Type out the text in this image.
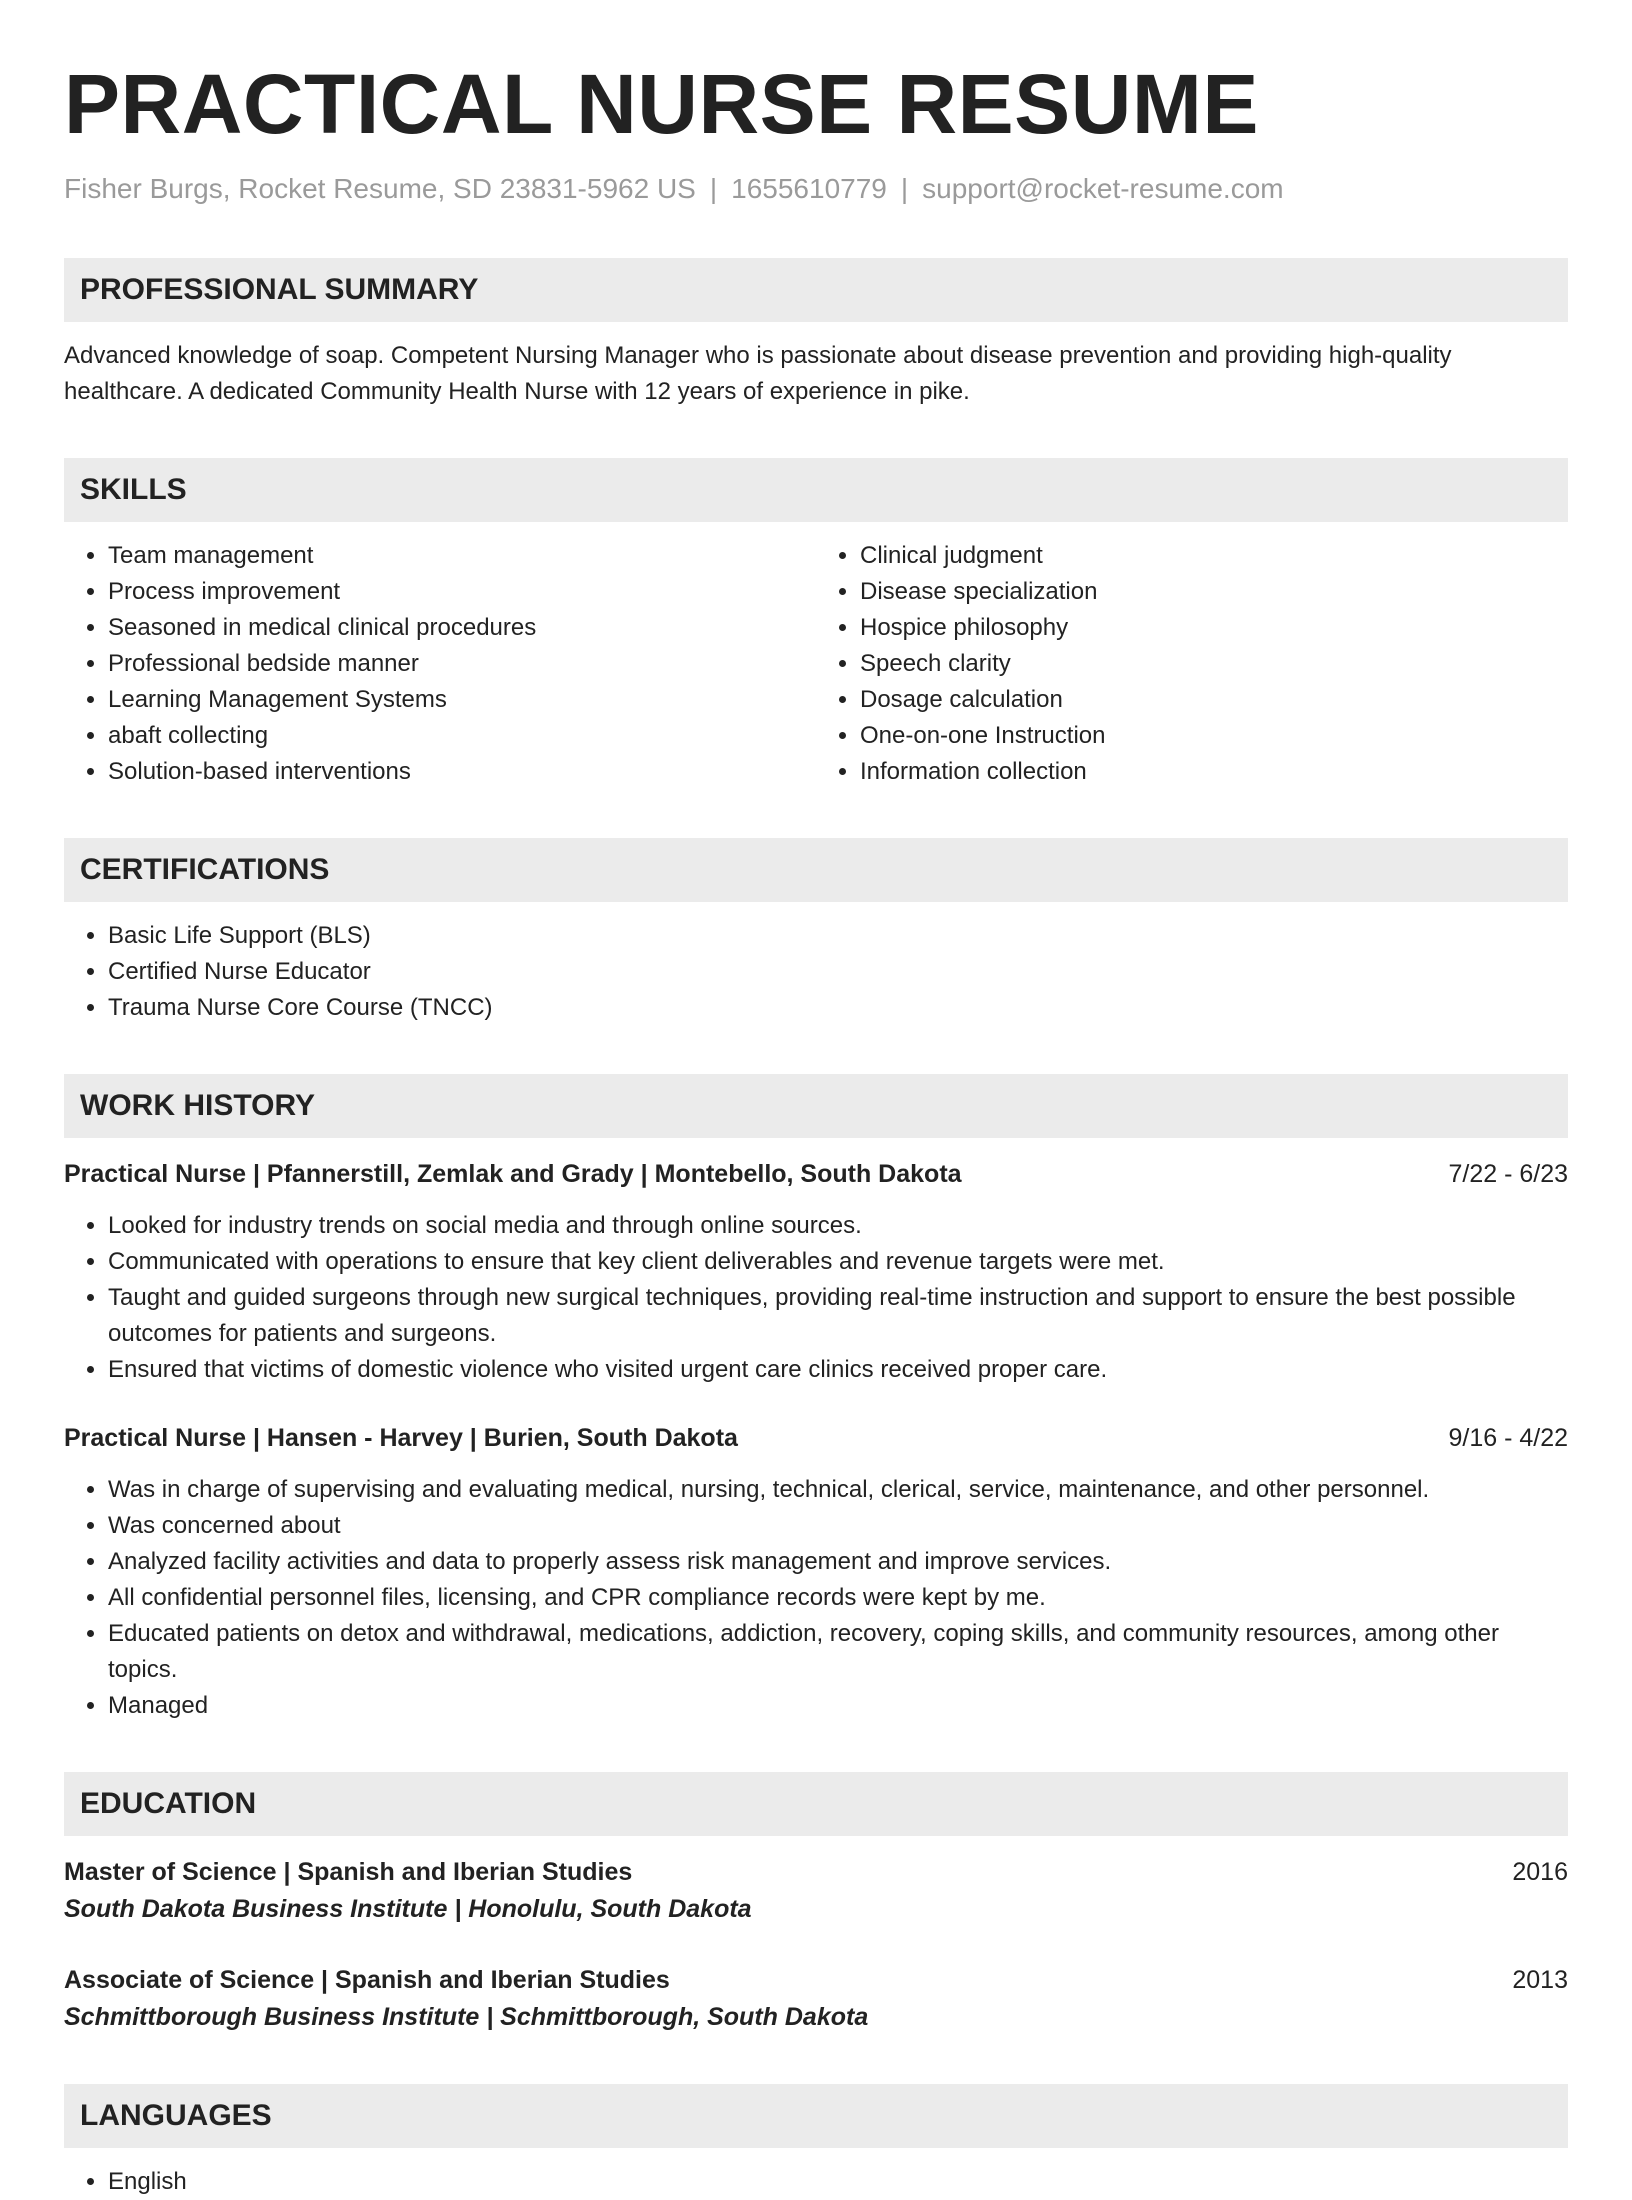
PRACTICAL NURSE RESUME
Fisher Burgs, Rocket Resume, SD 23831-5962 US | 1655610779 | support@rocket-resume.com
PROFESSIONAL SUMMARY
Advanced knowledge of soap. Competent Nursing Manager who is passionate about disease prevention and providing high-quality healthcare. A dedicated Community Health Nurse with 12 years of experience in pike.
SKILLS
• Team management
• Process improvement
• Seasoned in medical clinical procedures
• Professional bedside manner
• Learning Management Systems
• abaft collecting
• Solution-based interventions
• Clinical judgment
• Disease specialization
• Hospice philosophy
• Speech clarity
• Dosage calculation
• One-on-one Instruction
• Information collection
CERTIFICATIONS
• Basic Life Support (BLS)
• Certified Nurse Educator
• Trauma Nurse Core Course (TNCC)
WORK HISTORY
Practical Nurse | Pfannerstill, Zemlak and Grady | Montebello, South Dakota	7/22 - 6/23
• Looked for industry trends on social media and through online sources.
• Communicated with operations to ensure that key client deliverables and revenue targets were met.
• Taught and guided surgeons through new surgical techniques, providing real-time instruction and support to ensure the best possible outcomes for patients and surgeons.
• Ensured that victims of domestic violence who visited urgent care clinics received proper care.
Practical Nurse | Hansen - Harvey | Burien, South Dakota	9/16 - 4/22
• Was in charge of supervising and evaluating medical, nursing, technical, clerical, service, maintenance, and other personnel.
• Was concerned about
• Analyzed facility activities and data to properly assess risk management and improve services.
• All confidential personnel files, licensing, and CPR compliance records were kept by me.
• Educated patients on detox and withdrawal, medications, addiction, recovery, coping skills, and community resources, among other topics.
• Managed
EDUCATION
Master of Science | Spanish and Iberian Studies	2016
South Dakota Business Institute | Honolulu, South Dakota
Associate of Science | Spanish and Iberian Studies	2013
Schmittborough Business Institute | Schmittborough, South Dakota
LANGUAGES
• English
